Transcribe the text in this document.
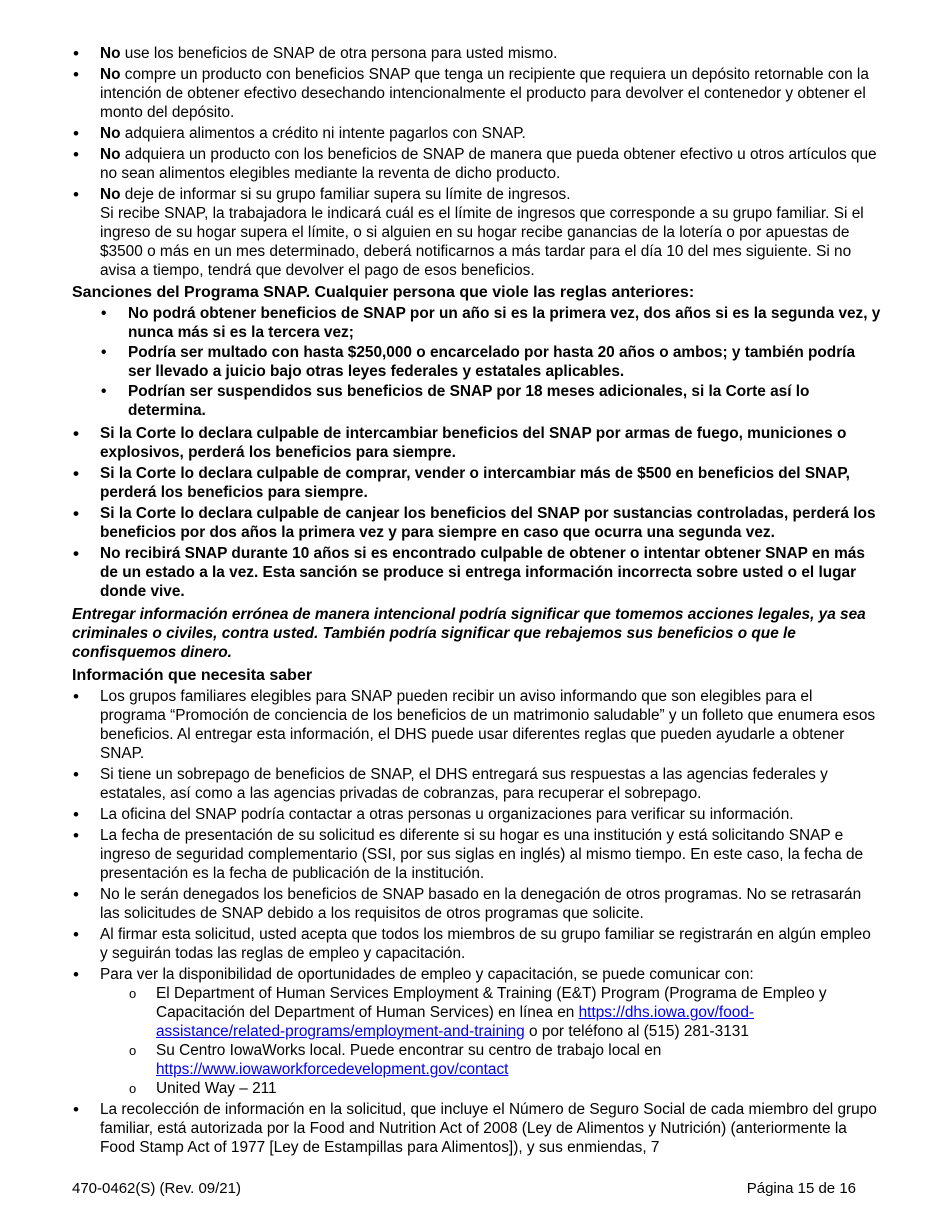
• No use los beneficios de SNAP de otra persona para usted mismo.
• No compre un producto con beneficios SNAP que tenga un recipiente que requiera un depósito retornable con la intención de obtener efectivo desechando intencionalmente el producto para devolver el contenedor y obtener el monto del depósito.
• No adquiera alimentos a crédito ni intente pagarlos con SNAP.
• No adquiera un producto con los beneficios de SNAP de manera que pueda obtener efectivo u otros artículos que no sean alimentos elegibles mediante la reventa de dicho producto.
• No deje de informar si su grupo familiar supera su límite de ingresos.
Si recibe SNAP, la trabajadora le indicará cuál es el límite de ingresos que corresponde a su grupo familiar. Si el ingreso de su hogar supera el límite, o si alguien en su hogar recibe ganancias de la lotería o por apuestas de $3500 o más en un mes determinado, deberá notificarnos a más tardar para el día 10 del mes siguiente. Si no avisa a tiempo, tendrá que devolver el pago de esos beneficios.
Sanciones del Programa SNAP. Cualquier persona que viole las reglas anteriores:
• No podrá obtener beneficios de SNAP por un año si es la primera vez, dos años si es la segunda vez, y nunca más si es la tercera vez;
• Podría ser multado con hasta $250,000 o encarcelado por hasta 20 años o ambos; y también podría ser llevado a juicio bajo otras leyes federales y estatales aplicables.
• Podrían ser suspendidos sus beneficios de SNAP por 18 meses adicionales, si la Corte así lo determina.
• Si la Corte lo declara culpable de intercambiar beneficios del SNAP por armas de fuego, municiones o explosivos, perderá los beneficios para siempre.
• Si la Corte lo declara culpable de comprar, vender o intercambiar más de $500 en beneficios del SNAP, perderá los beneficios para siempre.
• Si la Corte lo declara culpable de canjear los beneficios del SNAP por sustancias controladas, perderá los beneficios por dos años la primera vez y para siempre en caso que ocurra una segunda vez.
• No recibirá SNAP durante 10 años si es encontrado culpable de obtener o intentar obtener SNAP en más de un estado a la vez. Esta sanción se produce si entrega información incorrecta sobre usted o el lugar donde vive.
Entregar información errónea de manera intencional podría significar que tomemos acciones legales, ya sea criminales o civiles, contra usted. También podría significar que rebajemos sus beneficios o que le confisquemos dinero.
Información que necesita saber
• Los grupos familiares elegibles para SNAP pueden recibir un aviso informando que son elegibles para el programa “Promoción de conciencia de los beneficios de un matrimonio saludable” y un folleto que enumera esos beneficios. Al entregar esta información, el DHS puede usar diferentes reglas que pueden ayudarle a obtener SNAP.
• Si tiene un sobrepago de beneficios de SNAP, el DHS entregará sus respuestas a las agencias federales y estatales, así como a las agencias privadas de cobranzas, para recuperar el sobrepago.
• La oficina del SNAP podría contactar a otras personas u organizaciones para verificar su información.
• La fecha de presentación de su solicitud es diferente si su hogar es una institución y está solicitando SNAP e ingreso de seguridad complementario (SSI, por sus siglas en inglés) al mismo tiempo. En este caso, la fecha de presentación es la fecha de publicación de la institución.
• No le serán denegados los beneficios de SNAP basado en la denegación de otros programas. No se retrasarán las solicitudes de SNAP debido a los requisitos de otros programas que solicite.
• Al firmar esta solicitud, usted acepta que todos los miembros de su grupo familiar se registrarán en algún empleo y seguirán todas las reglas de empleo y capacitación.
• Para ver la disponibilidad de oportunidades de empleo y capacitación, se puede comunicar con:
o El Department of Human Services Employment & Training (E&T) Program (Programa de Empleo y Capacitación del Department of Human Services) en línea en https://dhs.iowa.gov/food-assistance/related-programs/employment-and-training o por teléfono al (515) 281-3131
o Su Centro IowaWorks local. Puede encontrar su centro de trabajo local en https://www.iowaworkforcedevelopment.gov/contact
o United Way – 211
• La recolección de información en la solicitud, que incluye el Número de Seguro Social de cada miembro del grupo familiar, está autorizada por la Food and Nutrition Act of 2008 (Ley de Alimentos y Nutrición) (anteriormente la Food Stamp Act of 1977 [Ley de Estampillas para Alimentos]), y sus enmiendas, 7
470-0462(S) (Rev. 09/21)	Página 15 de 16
